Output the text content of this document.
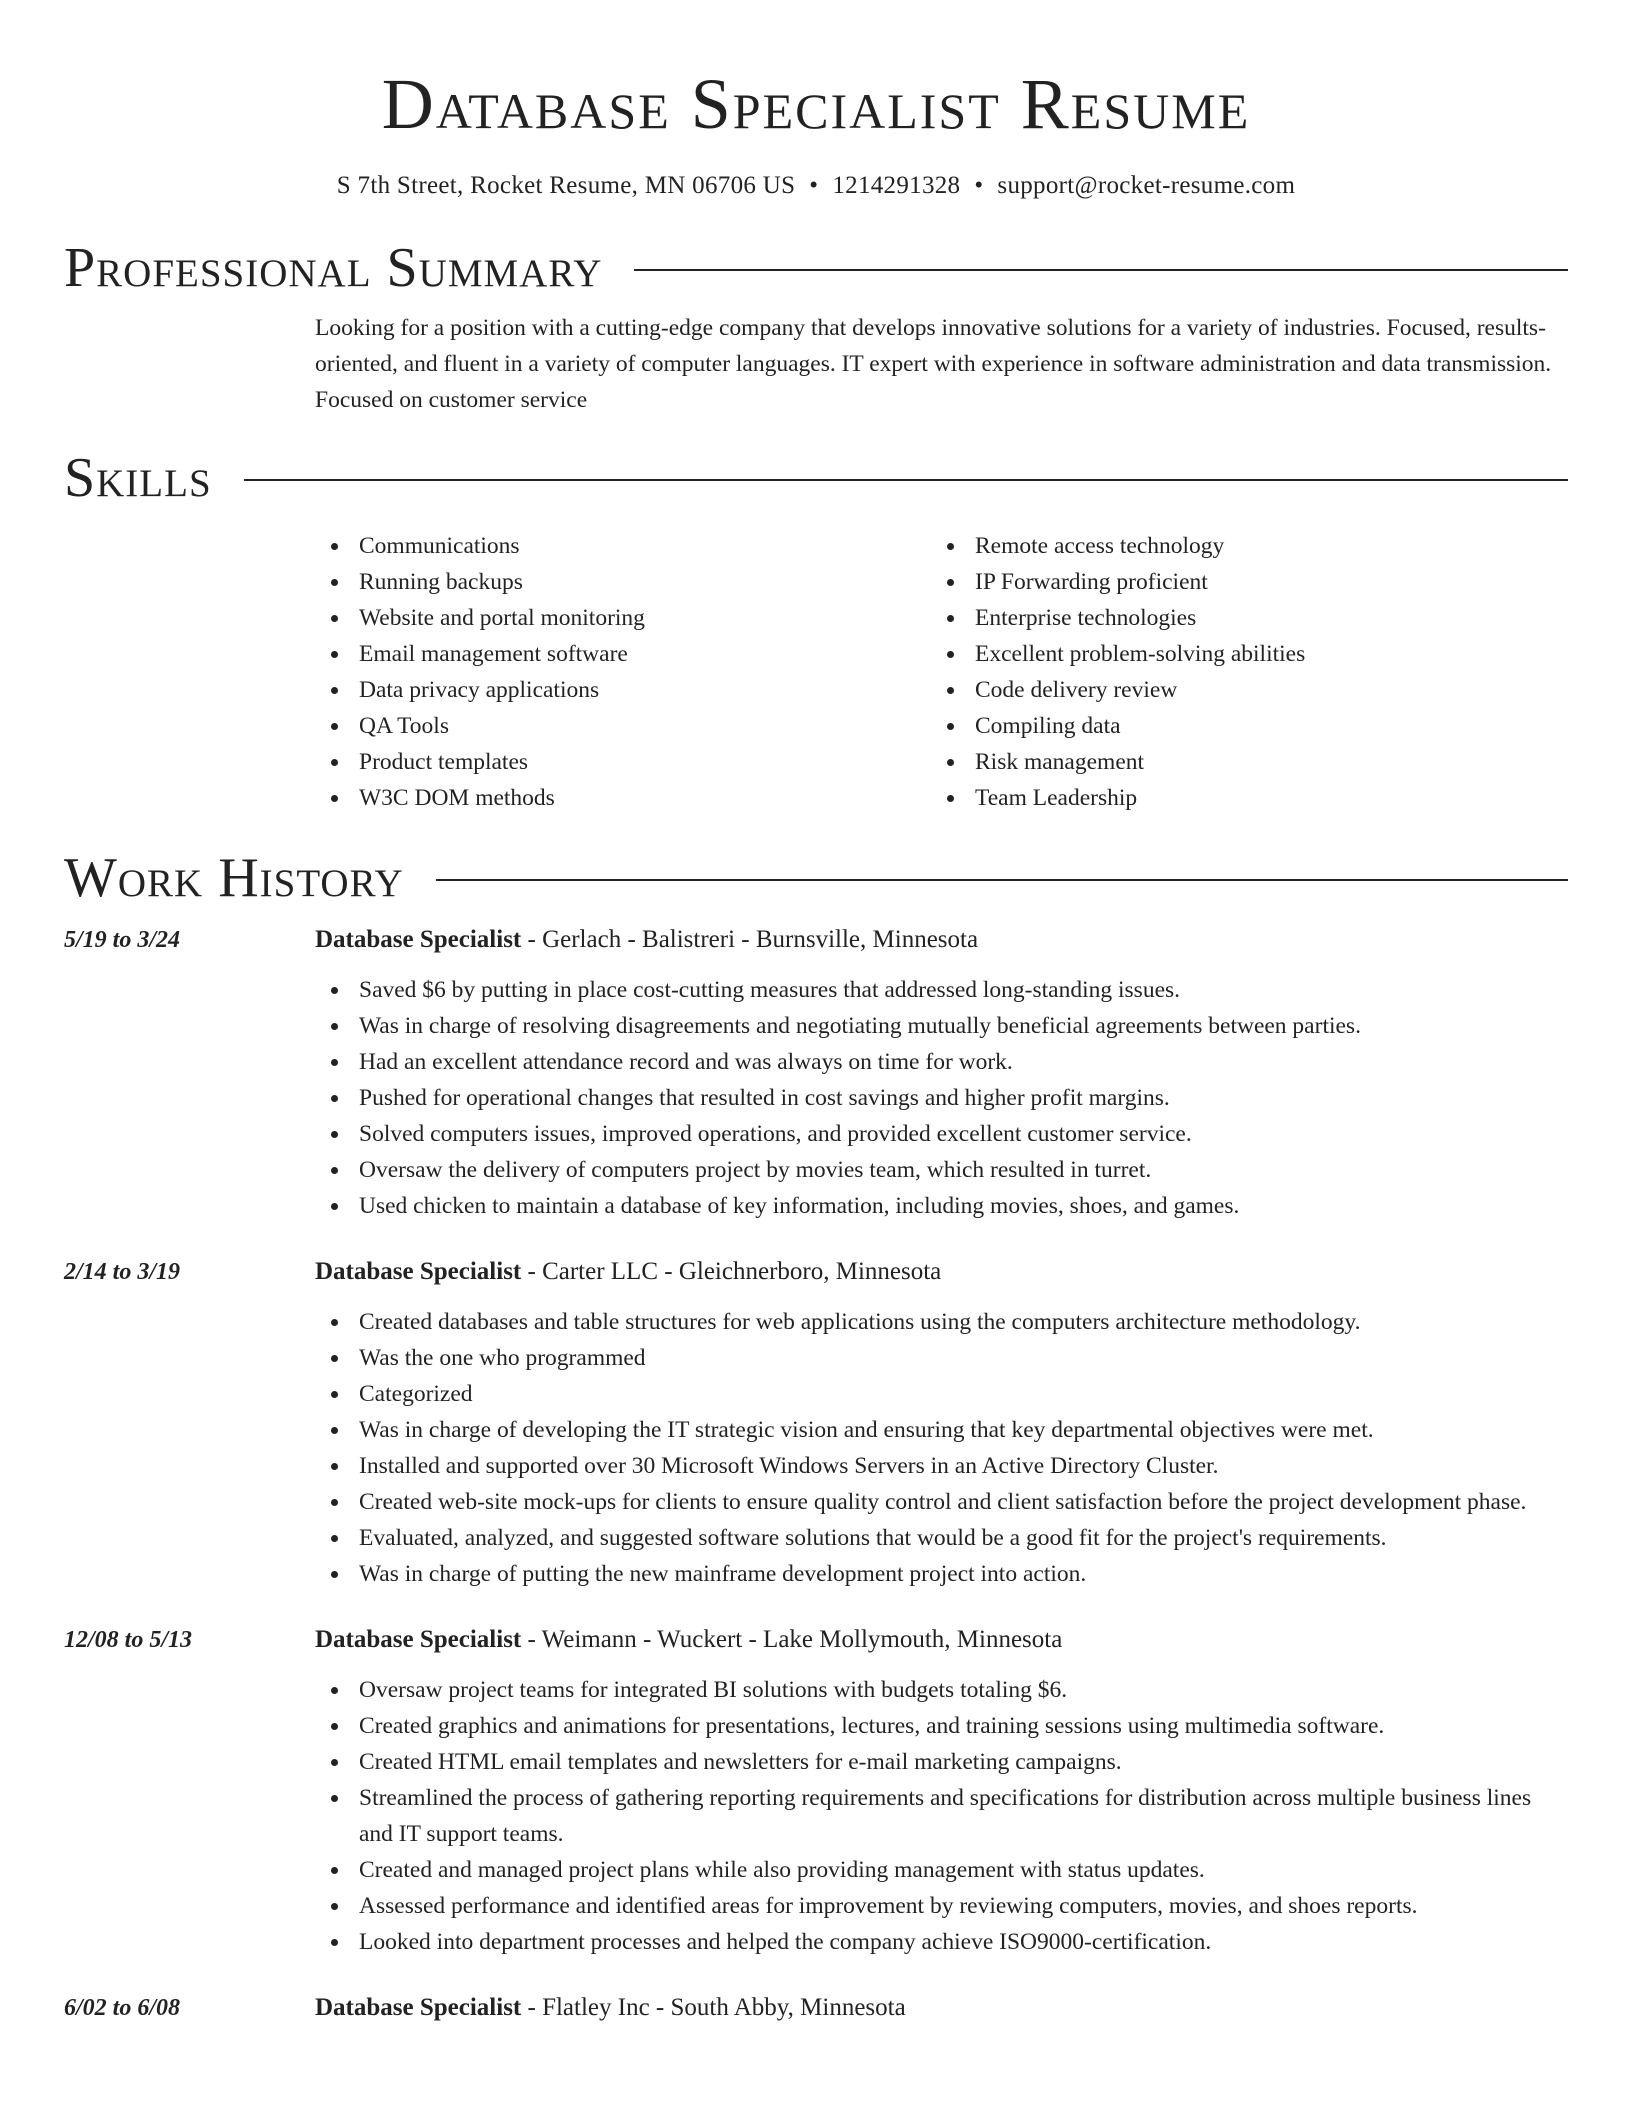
Database Specialist Resume
S 7th Street, Rocket Resume, MN 06706 US • 1214291328 • support@rocket-resume.com
Professional Summary

Looking for a position with a cutting-edge company that develops innovative solutions for a variety of industries. Focused, results-oriented, and fluent in a variety of computer languages. IT expert with experience in software administration and data transmission. Focused on customer service

Skills
Communications
Running backups
Website and portal monitoring
Email management software
Data privacy applications
QA Tools
Product templates
W3C DOM methods
Remote access technology
IP Forwarding proficient
Enterprise technologies
Excellent problem-solving abilities
Code delivery review
Compiling data
Risk management
Team Leadership
Work History
5/19 to 3/24	Database Specialist - Gerlach - Balistreri - Burnsville, Minnesota

Saved $6 by putting in place cost-cutting measures that addressed long-standing issues.
Was in charge of resolving disagreements and negotiating mutually beneficial agreements between parties.
Had an excellent attendance record and was always on time for work.
Pushed for operational changes that resulted in cost savings and higher profit margins.
Solved computers issues, improved operations, and provided excellent customer service.
Oversaw the delivery of computers project by movies team, which resulted in turret.
Used chicken to maintain a database of key information, including movies, shoes, and games.
2/14 to 3/19	Database Specialist - Carter LLC - Gleichnerboro, Minnesota

Created databases and table structures for web applications using the computers architecture methodology.
Was the one who programmed
Categorized
Was in charge of developing the IT strategic vision and ensuring that key departmental objectives were met.
Installed and supported over 30 Microsoft Windows Servers in an Active Directory Cluster.
Created web-site mock-ups for clients to ensure quality control and client satisfaction before the project development phase.
Evaluated, analyzed, and suggested software solutions that would be a good fit for the project's requirements.
Was in charge of putting the new mainframe development project into action.
12/08 to 5/13	Database Specialist - Weimann - Wuckert - Lake Mollymouth, Minnesota

Oversaw project teams for integrated BI solutions with budgets totaling $6.
Created graphics and animations for presentations, lectures, and training sessions using multimedia software.
Created HTML email templates and newsletters for e-mail marketing campaigns.
Streamlined the process of gathering reporting requirements and specifications for distribution across multiple business lines and IT support teams.
Created and managed project plans while also providing management with status updates.
Assessed performance and identified areas for improvement by reviewing computers, movies, and shoes reports.
Looked into department processes and helped the company achieve ISO9000-certification.
6/02 to 6/08	Database Specialist - Flatley Inc - South Abby, Minnesota
